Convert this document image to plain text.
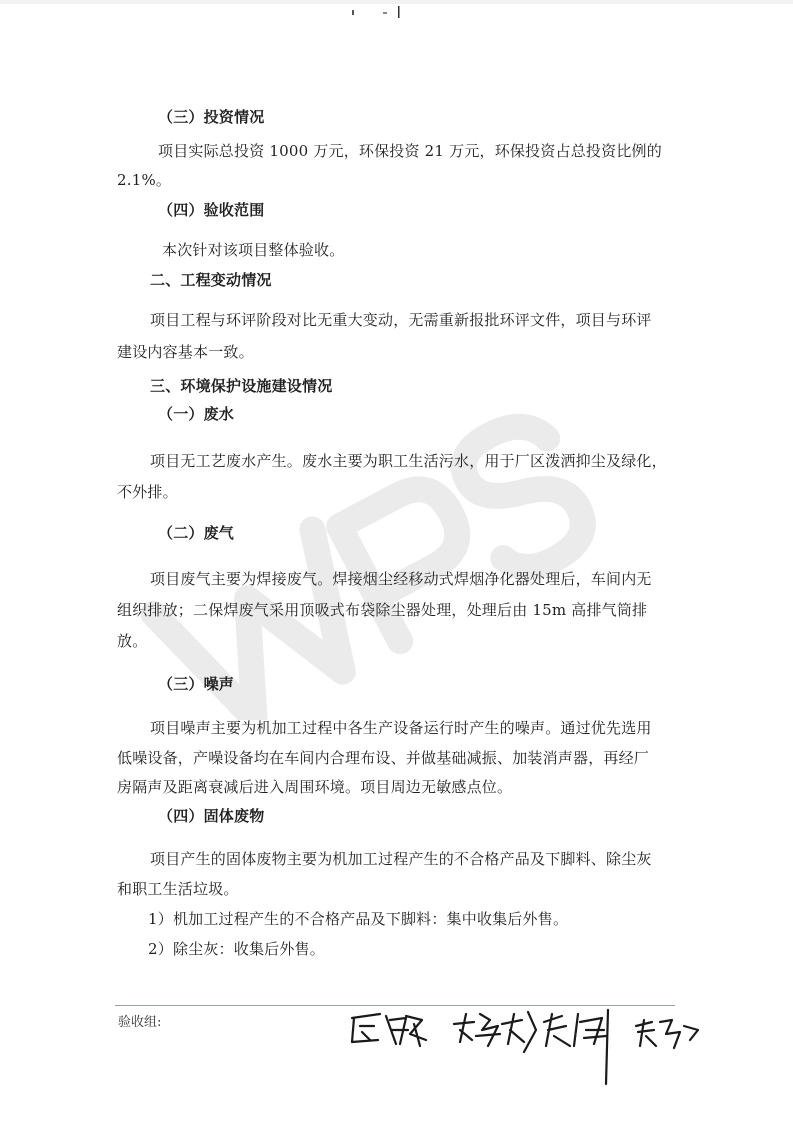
（三）投资情况
项目实际总投资 1000 万元，环保投资 21 万元，环保投资占总投资比例的
2.1%。
（四）验收范围
本次针对该项目整体验收。
二、工程变动情况
项目工程与环评阶段对比无重大变动，无需重新报批环评文件，项目与环评
建设内容基本一致。
三、环境保护设施建设情况
（一）废水
项目无工艺废水产生。废水主要为职工生活污水，用于厂区泼洒抑尘及绿化，
不外排。
（二）废气
项目废气主要为焊接废气。焊接烟尘经移动式焊烟净化器处理后，车间内无
组织排放；二保焊废气采用顶吸式布袋除尘器处理，处理后由 15m 高排气筒排
放。
（三）噪声
项目噪声主要为机加工过程中各生产设备运行时产生的噪声。通过优先选用
低噪设备，产噪设备均在车间内合理布设、并做基础减振、加装消声器，再经厂
房隔声及距离衰减后进入周围环境。项目周边无敏感点位。
（四）固体废物
项目产生的固体废物主要为机加工过程产生的不合格产品及下脚料、除尘灰
和职工生活垃圾。
1）机加工过程产生的不合格产品及下脚料：集中收集后外售。
2）除尘灰：收集后外售。
验收组:
